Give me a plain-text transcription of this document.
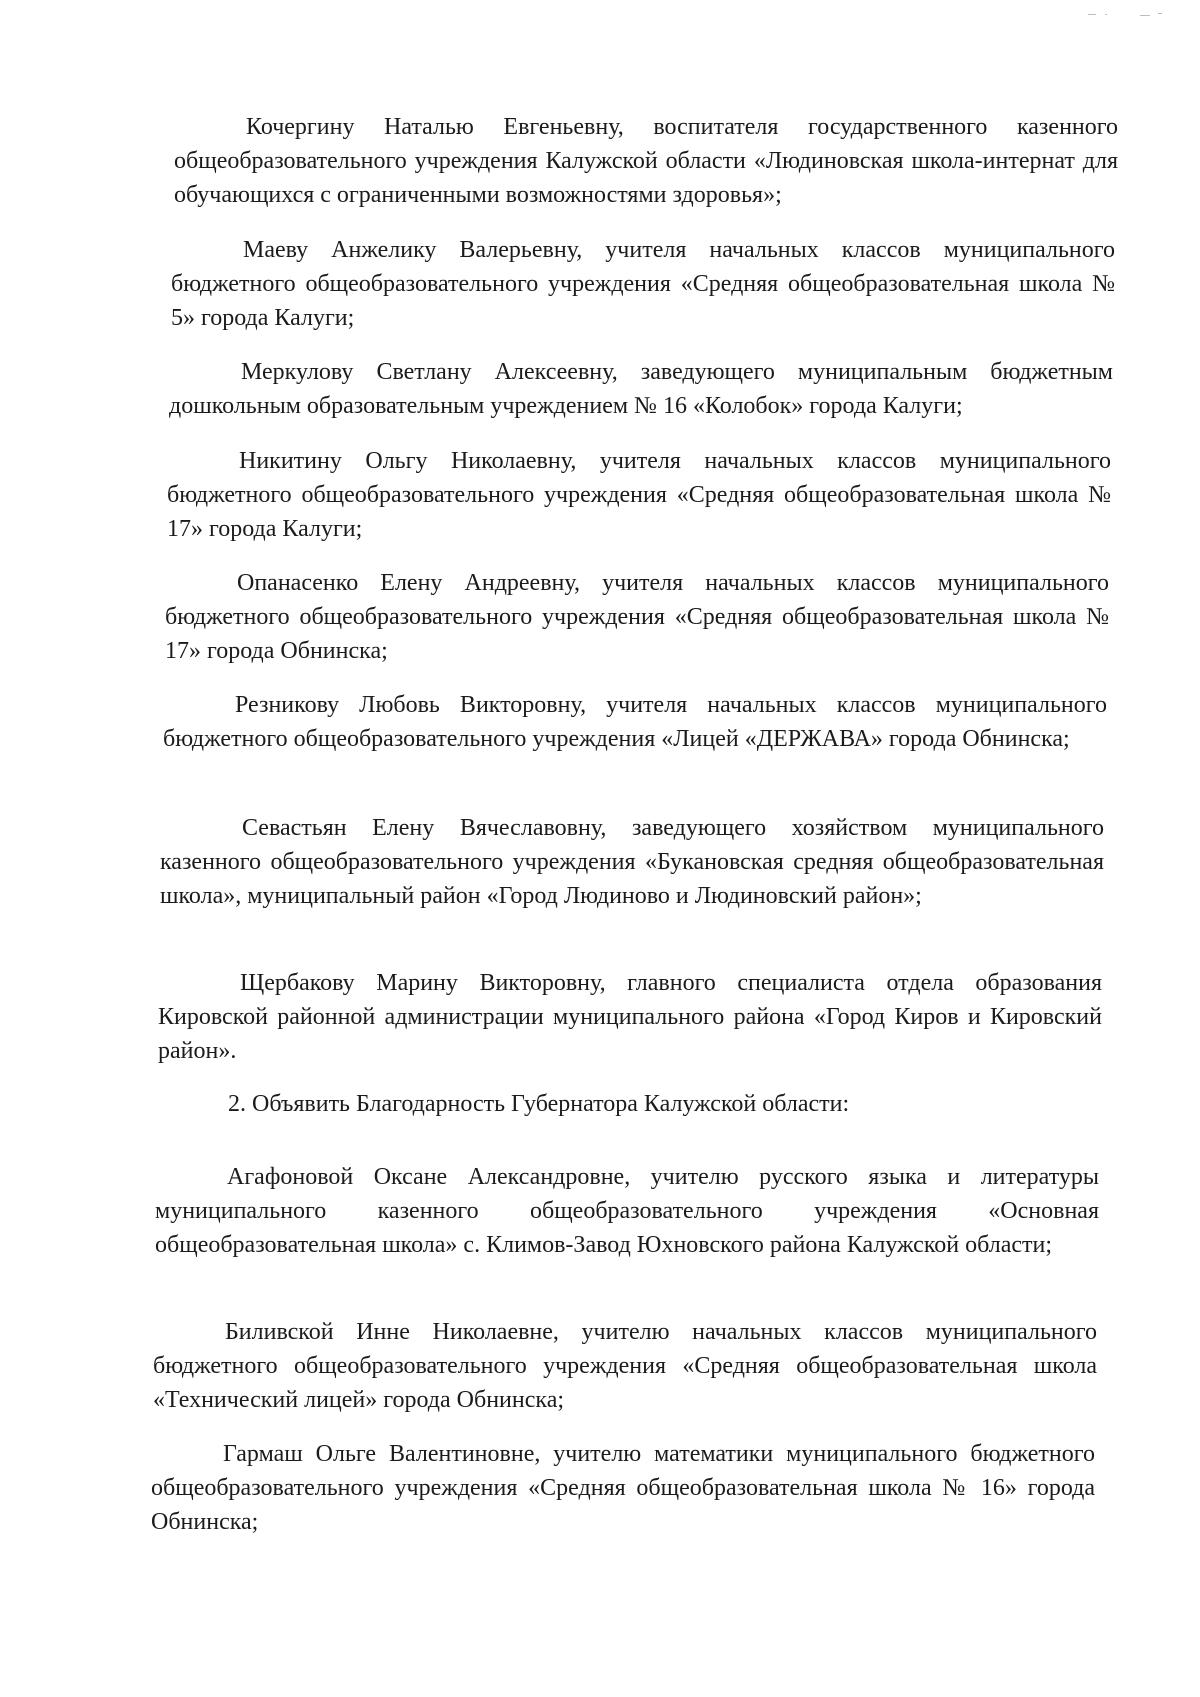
Кочергину Наталью Евгеньевну, воспитателя государственного казенного общеобразовательного учреждения Калужской области «Людиновская школа-интернат для обучающихся с ограниченными возможностями здоровья»;

Маеву Анжелику Валерьевну, учителя начальных классов муниципального бюджетного общеобразовательного учреждения «Средняя общеобразовательная школа № 5» города Калуги;

Меркулову Светлану Алексеевну, заведующего муниципальным бюджетным дошкольным образовательным учреждением № 16 «Колобок» города Калуги;

Никитину Ольгу Николаевну, учителя начальных классов муниципального бюджетного общеобразовательного учреждения «Средняя общеобразовательная школа № 17» города Калуги;

Опанасенко Елену Андреевну, учителя начальных классов муниципального бюджетного общеобразовательного учреждения «Средняя общеобразовательная школа № 17» города Обнинска;

Резникову Любовь Викторовну, учителя начальных классов муниципального бюджетного общеобразовательного учреждения «Лицей «ДЕРЖАВА» города Обнинска;

Севастьян Елену Вячеславовну, заведующего хозяйством муниципального казенного общеобразовательного учреждения «Букановская средняя общеобразовательная школа», муниципальный район «Город Людиново и Людиновский район»;

Щербакову Марину Викторовну, главного специалиста отдела образования Кировской районной администрации муниципального района «Город Киров и Кировский район».

2. Объявить Благодарность Губернатора Калужской области:

Агафоновой Оксане Александровне, учителю русского языка и литературы муниципального казенного общеобразовательного учреждения «Основная общеобразовательная школа» с. Климов-Завод Юхновского района Калужской области;

Биливской Инне Николаевне, учителю начальных классов муниципального бюджетного общеобразовательного учреждения «Средняя общеобразовательная школа «Технический лицей» города Обнинска;

Гармаш Ольге Валентиновне, учителю математики муниципального бюджетного общеобразовательного учреждения «Средняя общеобразовательная школа № 16» города Обнинска;
